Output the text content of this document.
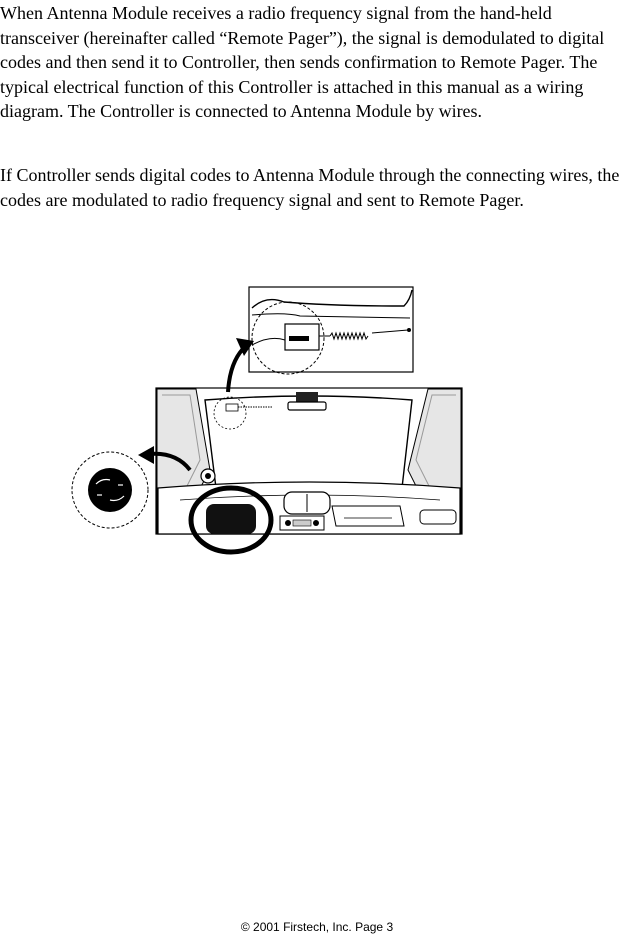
When Antenna Module receives a radio frequency signal from the hand-held transceiver (hereinafter called “Remote Pager”), the signal is demodulated to digital codes and then send it to Controller, then sends confirmation to Remote Pager. The typical electrical function of this Controller is attached in this manual as a wiring diagram. The Controller is connected to Antenna Module by wires.

If Controller sends digital codes to Antenna Module through the connecting wires, the codes are modulated to radio frequency signal and sent to Remote Pager.

© 2001 Firstech, Inc. Page 3
